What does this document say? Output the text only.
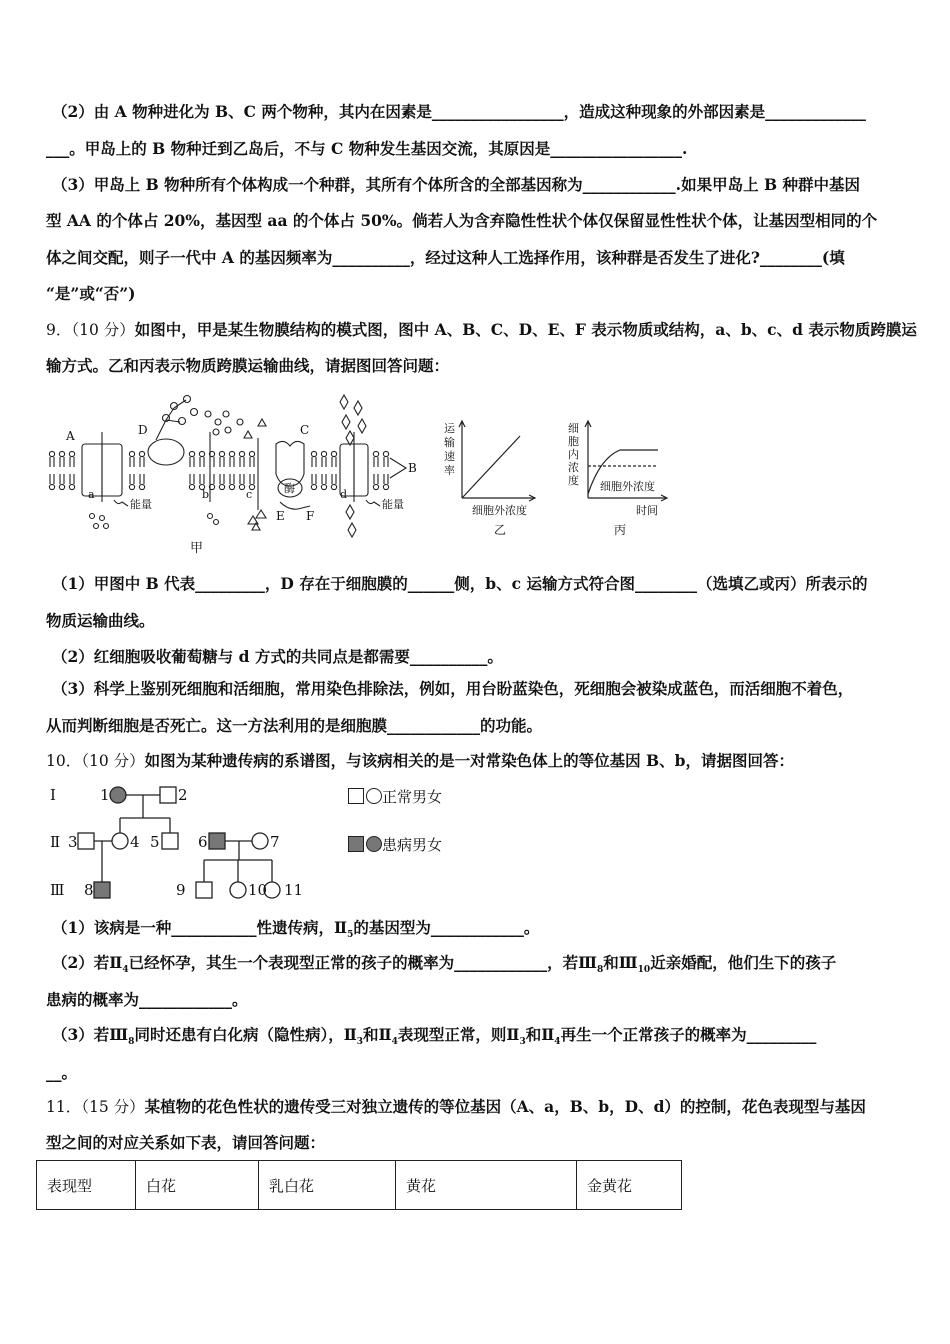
（2）由 A 物种进化为 B、C 两个物种，其内在因素是_________________，造成这种现象的外部因素是_____________
___。甲岛上的 B 物种迁到乙岛后，不与 C 物种发生基因交流，其原因是_________________.
（3）甲岛上 B 物种所有个体构成一个种群，其所有个体所含的全部基因称为____________.如果甲岛上 B 种群中基因
型 AA 的个体占 20%，基因型 aa 的个体占 50%。倘若人为含弃隐性性状个体仅保留显性性状个体，让基因型相同的个
体之间交配，则子一代中 A 的基因频率为__________，经过这种人工选择作用，该种群是否发生了进化?________(填
“是”或“否”)
9．（10 分）如图中，甲是某生物膜结构的模式图，图中 A、B、C、D、E、F 表示物质或结构，a、b、c、d 表示物质跨膜运
输方式。乙和丙表示物质跨膜运输曲线，请据图回答问题：
A
B
C
D
E F
a	b	c	d
能量	能量
酶
甲
运
输
速
率
细胞外浓度
乙
细
胞
内
浓
度 细胞外浓度
时间
丙
（1）甲图中 B 代表_________，D 存在于细胞膜的______侧，b、c 运输方式符合图________（选填乙或丙）所表示的
物质运输曲线。
（2）红细胞吸收葡萄糖与 d 方式的共同点是都需要__________。
（3）科学上鉴别死细胞和活细胞，常用染色排除法，例如，用台盼蓝染色，死细胞会被染成蓝色，而活细胞不着色，
从而判断细胞是否死亡。这一方法利用的是细胞膜____________的功能。
10．（10 分）如图为某种遗传病的系谱图，与该病相关的是一对常染色体上的等位基因 B、b，请据图回答：
Ⅰ
Ⅱ
Ⅲ
1	2
3	4 5	6	7
8	9	10 11
正常男女
患病男女
（1）该病是一种___________性遗传病，$Ⅱ_5$的基因型为____________。
（2）若$Ⅱ_4$已经怀孕，其生一个表现型正常的孩子的概率为____________，若$Ⅲ_8$和$Ⅲ_{10}$近亲婚配，他们生下的孩子
患病的概率为____________。
（3）若$Ⅲ_8$同时还患有白化病（隐性病），$Ⅱ_3$和$Ⅱ_4$表现型正常，则$Ⅱ_3$和$Ⅱ_4$再生一个正常孩子的概率为_________
__。
11．（15 分）某植物的花色性状的遗传受三对独立遗传的等位基因（A、a，B、b，D、d）的控制，花色表现型与基因
型之间的对应关系如下表，请回答问题：
表现型	白花	乳白花	黄花	金黄花
